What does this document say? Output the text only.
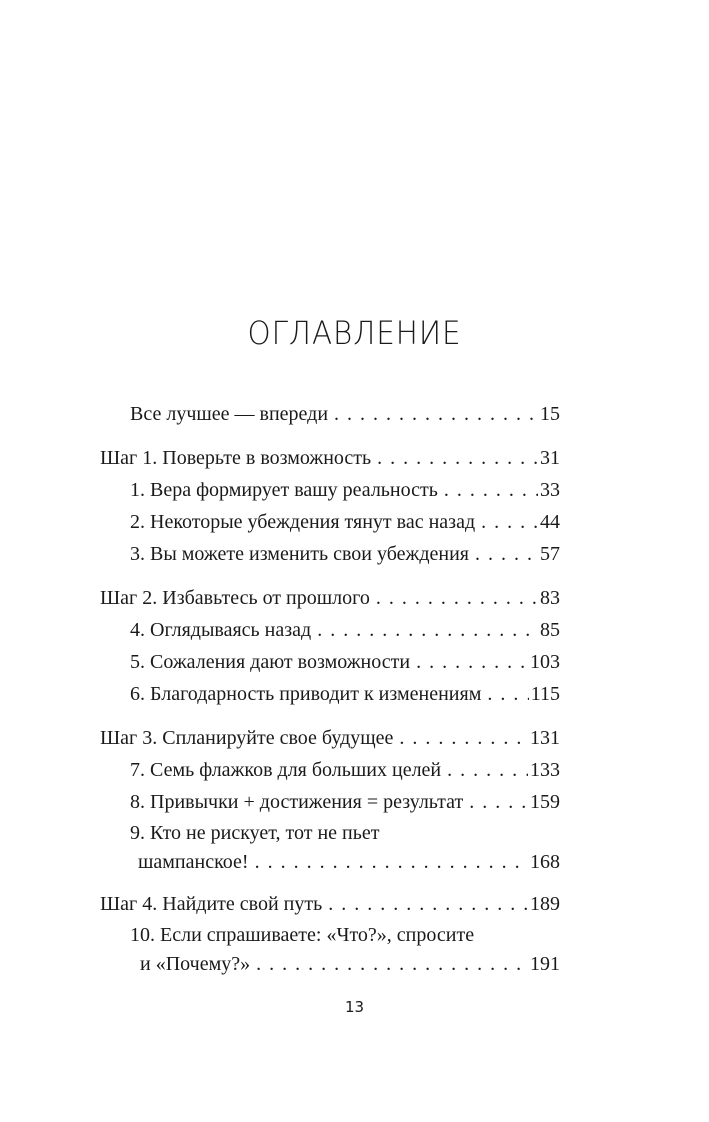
ОГЛАВЛЕНИЕ
Все лучшее — впереди . . .	15
Шаг 1. Поверьте в возможность . . .	31
1. Вера формирует вашу реальность . . .	33
2. Некоторые убеждения тянут вас назад . . .	44
3. Вы можете изменить свои убеждения . . .	57
Шаг 2. Избавьтесь от прошлого . . .	83
4. Оглядываясь назад . . .	85
5. Сожаления дают возможности . . .	103
6. Благодарность приводит к изменениям . . . 115
Шаг 3. Спланируйте свое будущее . . .	131
7. Семь флажков для больших целей . . .	133
8. Привычки + достижения = результат . . .	159
9. Кто не рискует, тот не пьет
шампанское! . . .	168
Шаг 4. Найдите свой путь . . .	189
10. Если спрашиваете: «Что?», спросите
и «Почему?» . . .	191
13
